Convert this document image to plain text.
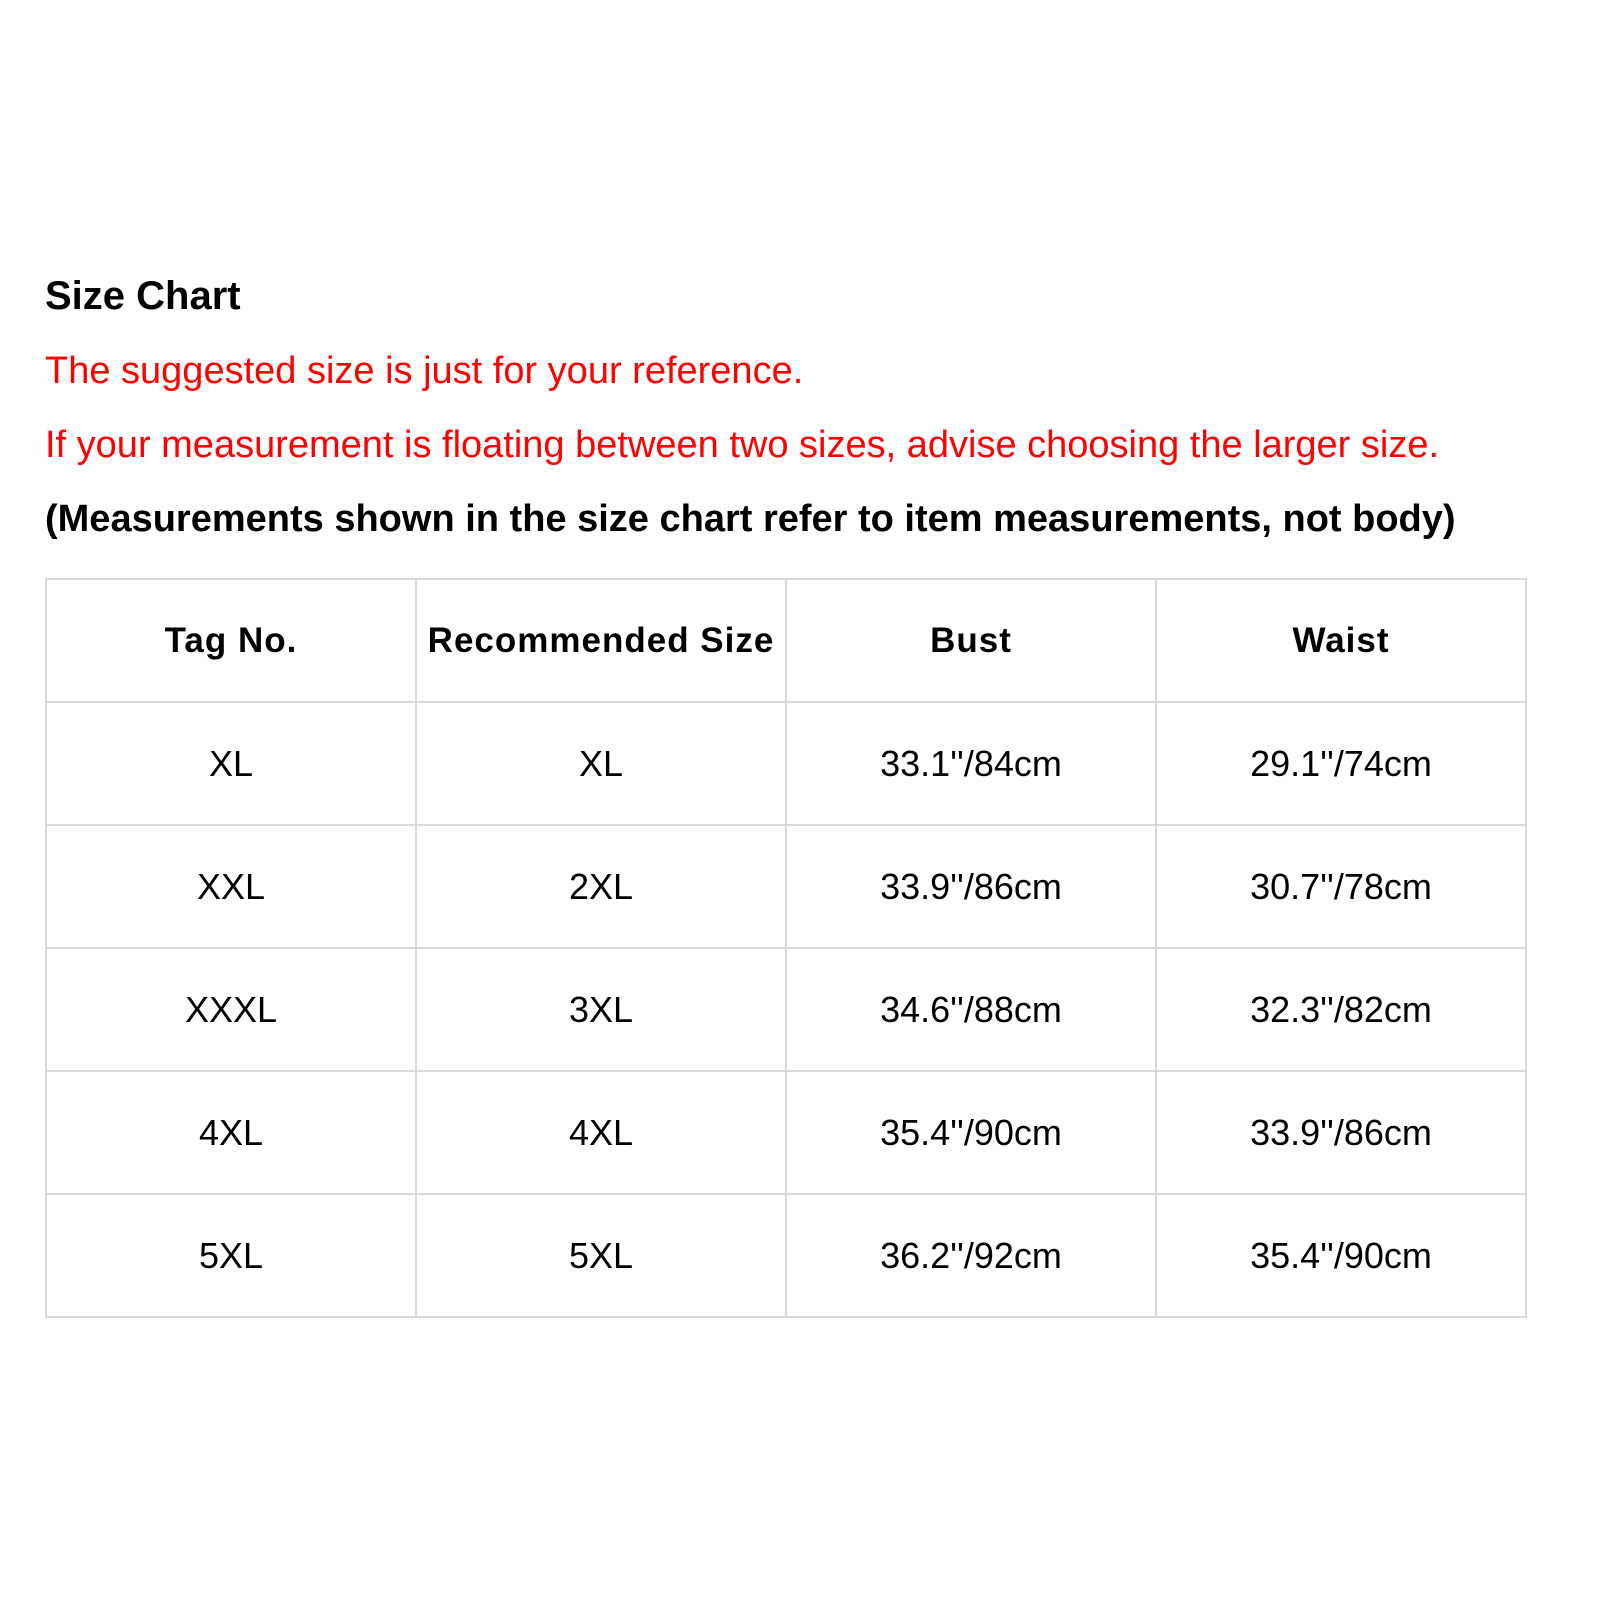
Size Chart
The suggested size is just for your reference.
If your measurement is floating between two sizes, advise choosing the larger size.
(Measurements shown in the size chart refer to item measurements, not body)
Tag No.	Recommended Size	Bust	Waist
XL	XL	33.1''/84cm	29.1''/74cm
XXL	2XL	33.9''/86cm	30.7''/78cm
XXXL	3XL	34.6''/88cm	32.3''/82cm
4XL	4XL	35.4''/90cm	33.9''/86cm
5XL	5XL	36.2''/92cm	35.4''/90cm
